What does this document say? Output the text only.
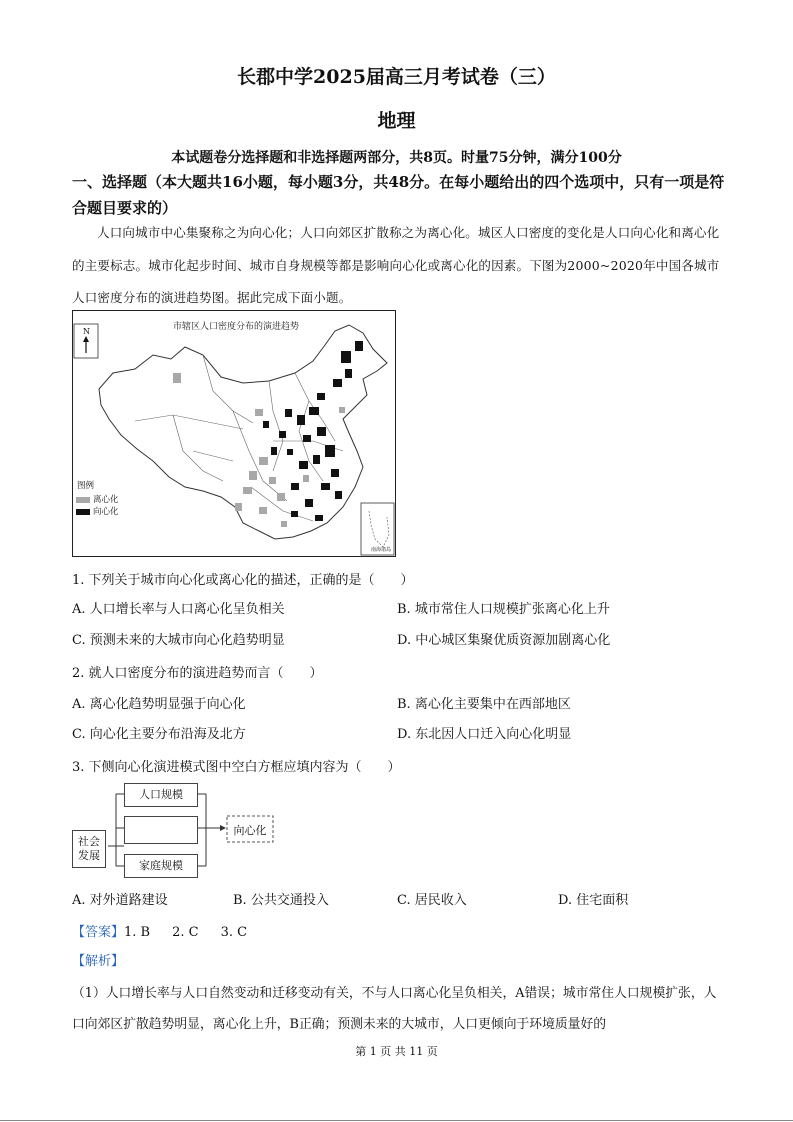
长郡中学2025届高三月考试卷（三）
地理
本试题卷分选择题和非选择题两部分，共8页。时量75分钟，满分100分
一、选择题（本大题共16小题，每小题3分，共48分。在每小题给出的四个选项中，只有一项是符合题目要求的）
人口向城市中心集聚称之为向心化；人口向郊区扩散称之为离心化。城区人口密度的变化是人口向心化和离心化的主要标志。城市化起步时间、城市自身规模等都是影响向心化或离心化的因素。下图为2000~2020年中国各城市人口密度分布的演进趋势图。据此完成下面小题。
市辖区人口密度分布的演进趋势
N
图例
离心化
向心化
南海诸岛
1. 下列关于城市向心化或离心化的描述，正确的是（　　）
A. 人口增长率与人口离心化呈负相关	B. 城市常住人口规模扩张离心化上升
C. 预测未来的大城市向心化趋势明显	D. 中心城区集聚优质资源加剧离心化
2. 就人口密度分布的演进趋势而言（　　）
A. 离心化趋势明显强于向心化	B. 离心化主要集中在西部地区
C. 向心化主要分布沿海及北方	D. 东北因人口迁入向心化明显
3. 下侧向心化演进模式图中空白方框应填内容为（　　）
社会发展
人口规模
家庭规模
向心化
A. 对外道路建设	B. 公共交通投入	C. 居民收入	D. 住宅面积
【答案】1. B 2. C 3. C
【解析】
（1）人口增长率与人口自然变动和迁移变动有关，不与人口离心化呈负相关，A错误；城市常住人口规模扩张，人口向郊区扩散趋势明显，离心化上升，B正确；预测未来的大城市，人口更倾向于环境质量好的
第 1 页 共 11 页
